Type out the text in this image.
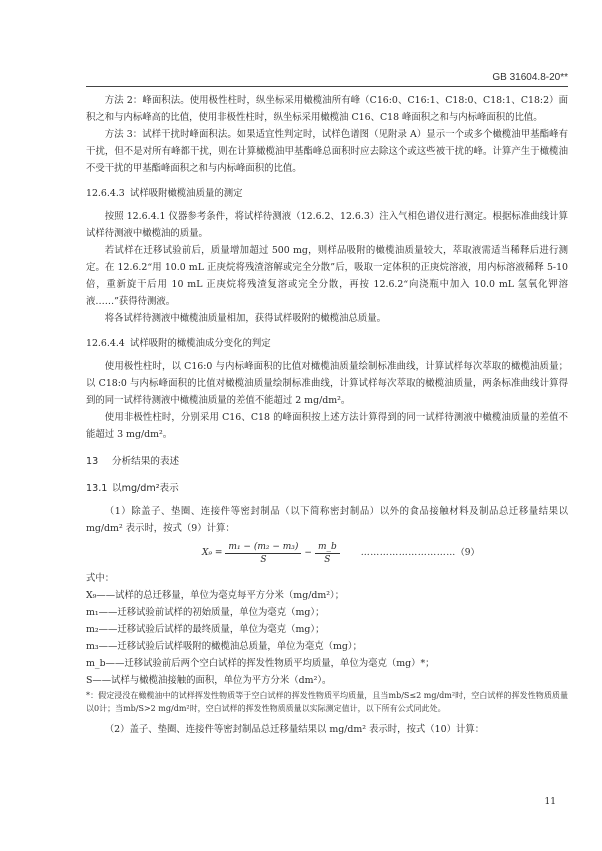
GB 31604.8-20**

方法 2：峰面积法。使用极性柱时，纵坐标采用橄榄油所有峰（C16:0、C16:1、C18:0、C18:1、C18:2）面积之和与内标峰高的比值，使用非极性柱时，纵坐标采用橄榄油 C16、C18 峰面积之和与内标峰面积的比值。

方法 3：试样干扰时峰面积法。如果适宜性判定时，试样色谱图（见附录 A）显示一个或多个橄榄油甲基酯峰有干扰，但不是对所有峰都干扰，则在计算橄榄油甲基酯峰总面积时应去除这个或这些被干扰的峰。计算产生于橄榄油不受干扰的甲基酯峰面积之和与内标峰面积的比值。

12.6.4.3 试样吸附橄榄油质量的测定

按照 12.6.4.1 仪器参考条件，将试样待测液（12.6.2、12.6.3）注入气相色谱仪进行测定。根据标准曲线计算试样待测液中橄榄油的质量。

若试样在迁移试验前后，质量增加超过 500 mg，则样品吸附的橄榄油质量较大，萃取液需适当稀释后进行测定。在 12.6.2“用 10.0 mL 正庚烷将残渣溶解或完全分散”后，吸取一定体积的正庚烷溶液，用内标溶液稀释 5-10 倍，重新旋干后用 10 mL 正庚烷将残渣复溶或完全分散，再按 12.6.2“向浇瓶中加入 10.0 mL 氢氧化钾溶液……”获得待测液。

将各试样待测液中橄榄油质量相加，获得试样吸附的橄榄油总质量。

12.6.4.4 试样吸附的橄榄油成分变化的判定

使用极性柱时，以 C16:0 与内标峰面积的比值对橄榄油质量绘制标准曲线，计算试样每次萃取的橄榄油质量；以 C18:0 与内标峰面积的比值对橄榄油质量绘制标准曲线，计算试样每次萃取的橄榄油质量，两条标准曲线计算得到的同一试样待测液中橄榄油质量的差值不能超过 2 mg/dm²。

使用非极性柱时，分别采用 C16、C18 的峰面积按上述方法计算得到的同一试样待测液中橄榄油质量的差值不能超过 3 mg/dm²。

13 分析结果的表述

13.1 以mg/dm²表示

（1）除盖子、垫圈、连接件等密封制品（以下简称密封制品）以外的食品接触材料及制品总迁移量结果以 mg/dm² 表示时，按式（9）计算：

$X_9 = \frac{\text{m₁ − (m₂ − m₃)}}{S} - \frac{m\_b}{S}$ ………………………… （9）

式中：

X₉——试样的总迁移量，单位为毫克每平方分米（mg/dm²）；

m₁——迁移试验前试样的初始质量，单位为毫克（mg）；

m₂——迁移试验后试样的最终质量，单位为毫克（mg）；

m₃——迁移试验后试样吸附的橄榄油总质量，单位为毫克（mg）；

m_b——迁移试验前后两个空白试样的挥发性物质平均质量，单位为毫克（mg）*；

S——试样与橄榄油接触的面积，单位为平方分米（dm²）。

*：假定浸没在橄榄油中的试样挥发性物质等于空白试样的挥发性物质平均质量，且当mb/S≤2 mg/dm²时，空白试样的挥发性物质质量以0计；当mb/S>2 mg/dm²时，空白试样的挥发性物质质量以实际测定值计，以下所有公式同此处。

（2）盖子、垫圈、连接件等密封制品总迁移量结果以 mg/dm² 表示时，按式（10）计算：

11
